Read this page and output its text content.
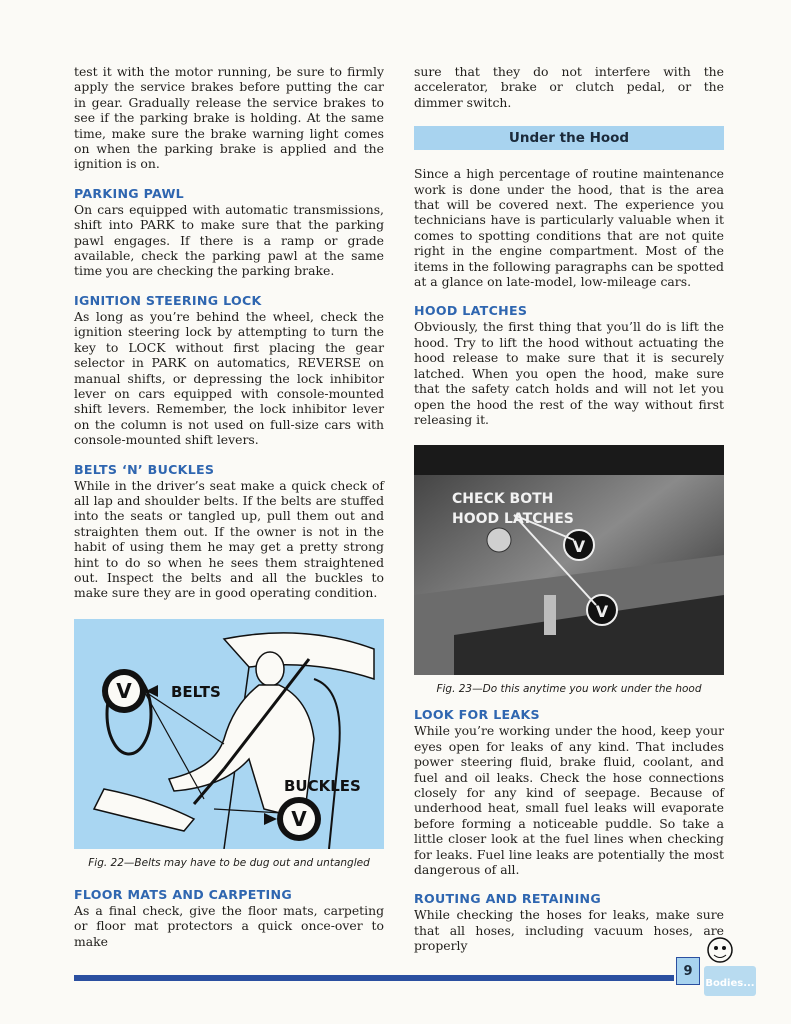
test it with the motor running, be sure to firmly apply the service brakes before putting the car in gear. Gradually release the service brakes to see if the parking brake is holding. At the same time, make sure the brake warning light comes on when the parking brake is applied and the ignition is on.

PARKING PAWL

On cars equipped with automatic transmissions, shift into PARK to make sure that the parking pawl engages. If there is a ramp or grade available, check the parking pawl at the same time you are checking the parking brake.

IGNITION STEERING LOCK

As long as you’re behind the wheel, check the ignition steering lock by attempting to turn the key to LOCK without first placing the gear selector in PARK on automatics, REVERSE on manual shifts, or depressing the lock inhibitor lever on cars equipped with console-mounted shift levers. Remember, the lock inhibitor lever on the column is not used on full-size cars with console-mounted shift levers.

BELTS ‘N’ BUCKLES

While in the driver’s seat make a quick check of all lap and shoulder belts. If the belts are stuffed into the seats or tangled up, pull them out and straighten them out. If the owner is not in the habit of using them he may get a pretty strong hint to do so when he sees them straightened out. Inspect the belts and all the buckles to make sure they are in good operating condition.

V	BELTS
BUCKLES
V
Fig. 22—Belts may have to be dug out and untangled
FLOOR MATS AND CARPETING

As a final check, give the floor mats, carpeting or floor mat protectors a quick once-over to make

sure that they do not interfere with the accelerator, brake or clutch pedal, or the dimmer switch.

Under the Hood

Since a high percentage of routine maintenance work is done under the hood, that is the area that will be covered next. The experience you technicians have is particularly valuable when it comes to spotting conditions that are not quite right in the engine compartment. Most of the items in the following paragraphs can be spotted at a glance on late-model, low-mileage cars.

HOOD LATCHES

Obviously, the first thing that you’ll do is lift the hood. Try to lift the hood without actuating the hood release to make sure that it is securely latched. When you open the hood, make sure that the safety catch holds and will not let you open the hood the rest of the way without first releasing it.

V
V
CHECK BOTH
HOOD LATCHES
Fig. 23—Do this anytime you work under the hood
LOOK FOR LEAKS

While you’re working under the hood, keep your eyes open for leaks of any kind. That includes power steering fluid, brake fluid, coolant, and fuel and oil leaks. Check the hose connections closely for any kind of seepage. Because of underhood heat, small fuel leaks will evaporate before forming a noticeable puddle. So take a little closer look at the fuel lines when checking for leaks. Fuel line leaks are potentially the most dangerous of all.

ROUTING AND RETAINING

While checking the hoses for leaks, make sure that all hoses, including vacuum hoses, are properly

9
Bodies...
